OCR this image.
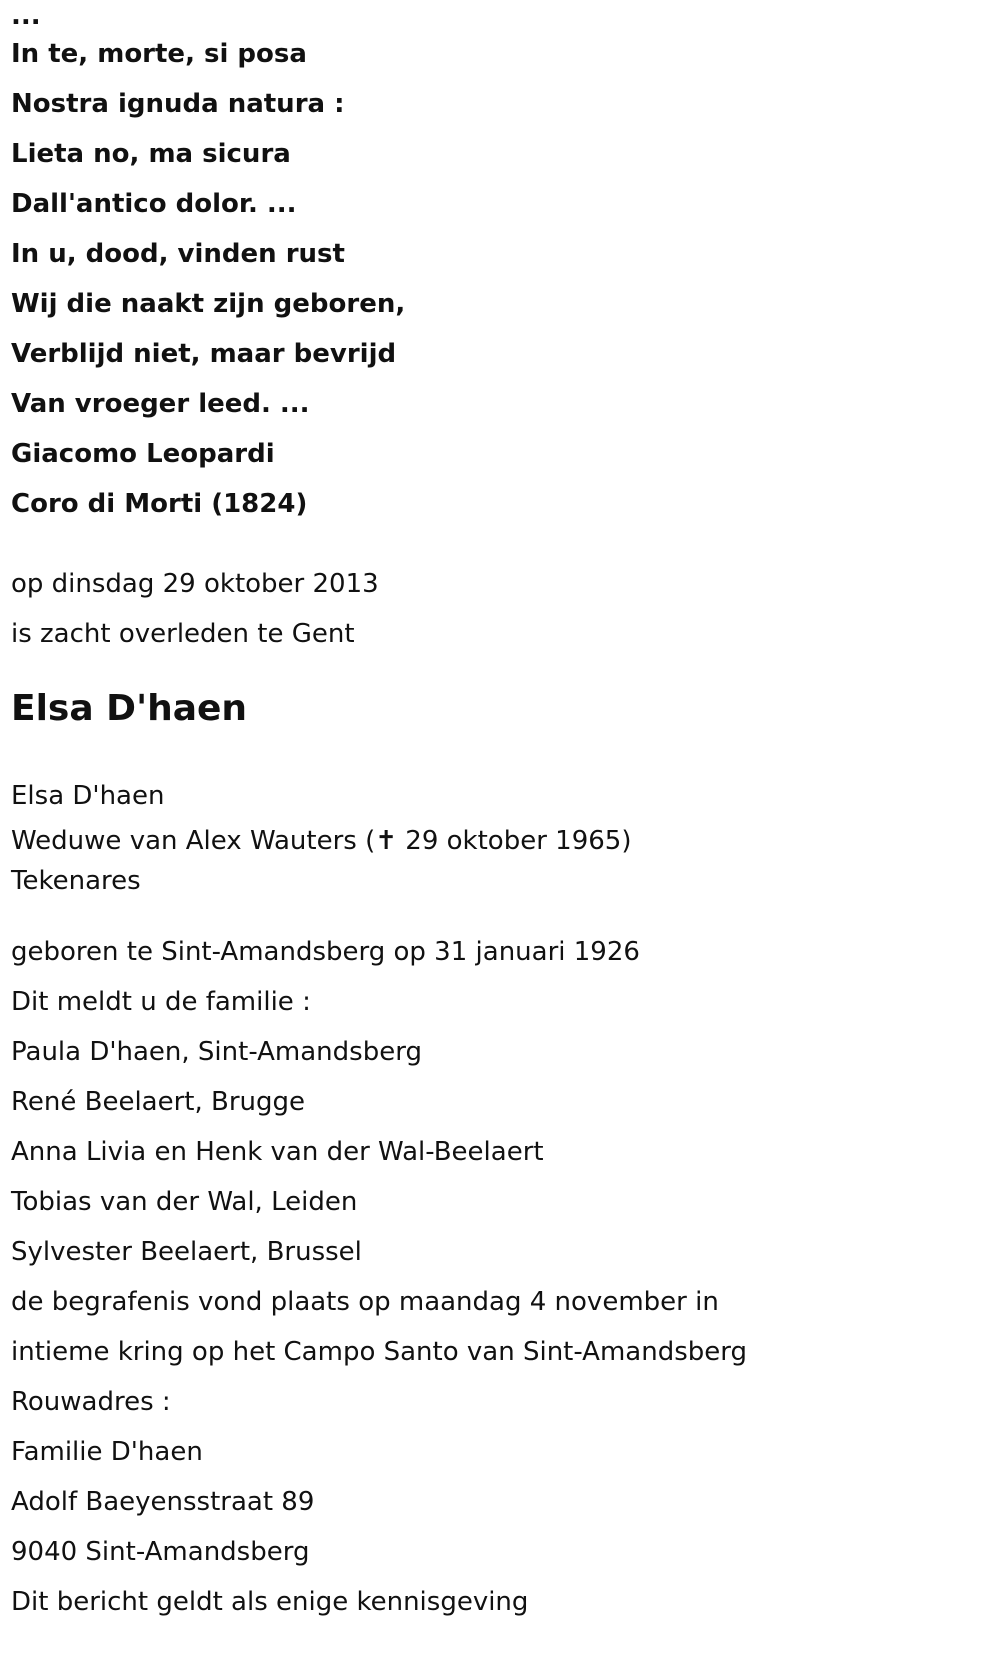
...
In te, morte, si posa
Nostra ignuda natura :
Lieta no, ma sicura
Dall'antico dolor. ...
In u, dood, vinden rust
Wij die naakt zijn geboren,
Verblijd niet, maar bevrijd
Van vroeger leed. ...
Giacomo Leopardi
Coro di Morti (1824)
op dinsdag 29 oktober 2013
is zacht overleden te Gent
Elsa D'haen
Elsa D'haen
Weduwe van Alex Wauters (✝ 29 oktober 1965)
Tekenares
geboren te Sint-Amandsberg op 31 januari 1926
Dit meldt u de familie :
Paula D'haen, Sint-Amandsberg
René Beelaert, Brugge
Anna Livia en Henk van der Wal-Beelaert
Tobias van der Wal, Leiden
Sylvester Beelaert, Brussel
de begrafenis vond plaats op maandag 4 november in
intieme kring op het Campo Santo van Sint-Amandsberg
Rouwadres :
Familie D'haen
Adolf Baeyensstraat 89
9040 Sint-Amandsberg
Dit bericht geldt als enige kennisgeving
